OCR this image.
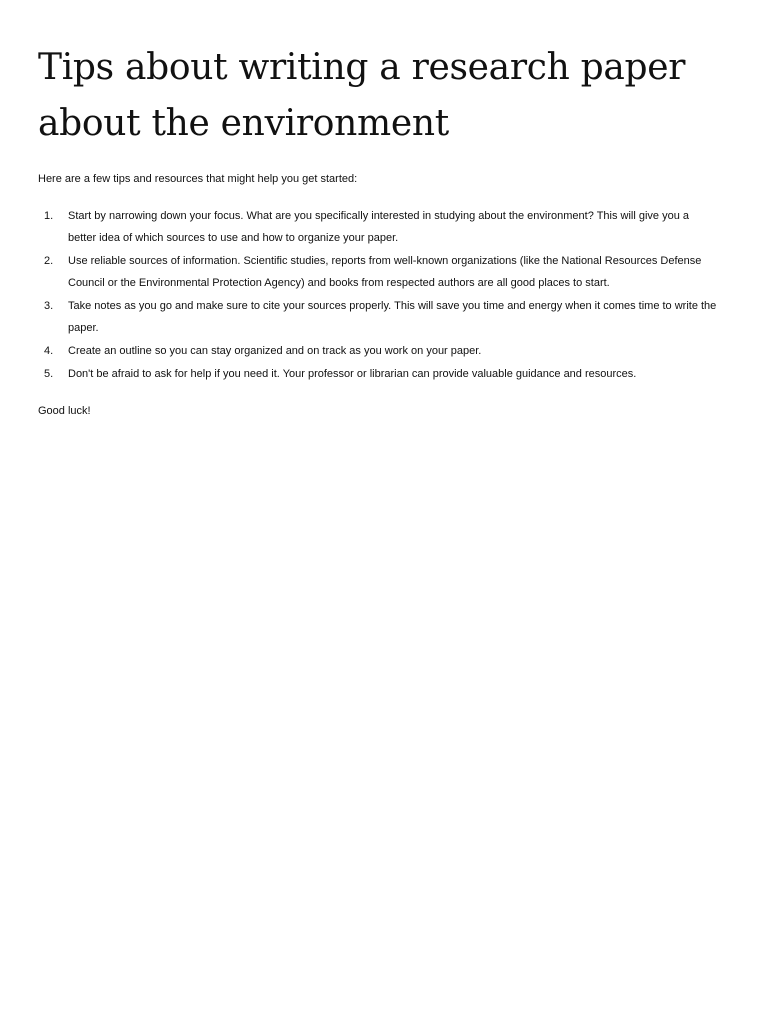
Tips about writing a research paper about the environment

Here are a few tips and resources that might help you get started:

1.	Start by narrowing down your focus. What are you specifically interested in studying about the environment? This will give you a better idea of which sources to use and how to organize your paper.
2.	Use reliable sources of information. Scientific studies, reports from well-known organizations (like the National Resources Defense Council or the Environmental Protection Agency) and books from respected authors are all good places to start.
3.	Take notes as you go and make sure to cite your sources properly. This will save you time and energy when it comes time to write the paper.
4.	Create an outline so you can stay organized and on track as you work on your paper.
5.	Don't be afraid to ask for help if you need it. Your professor or librarian can provide valuable guidance and resources.

Good luck!
